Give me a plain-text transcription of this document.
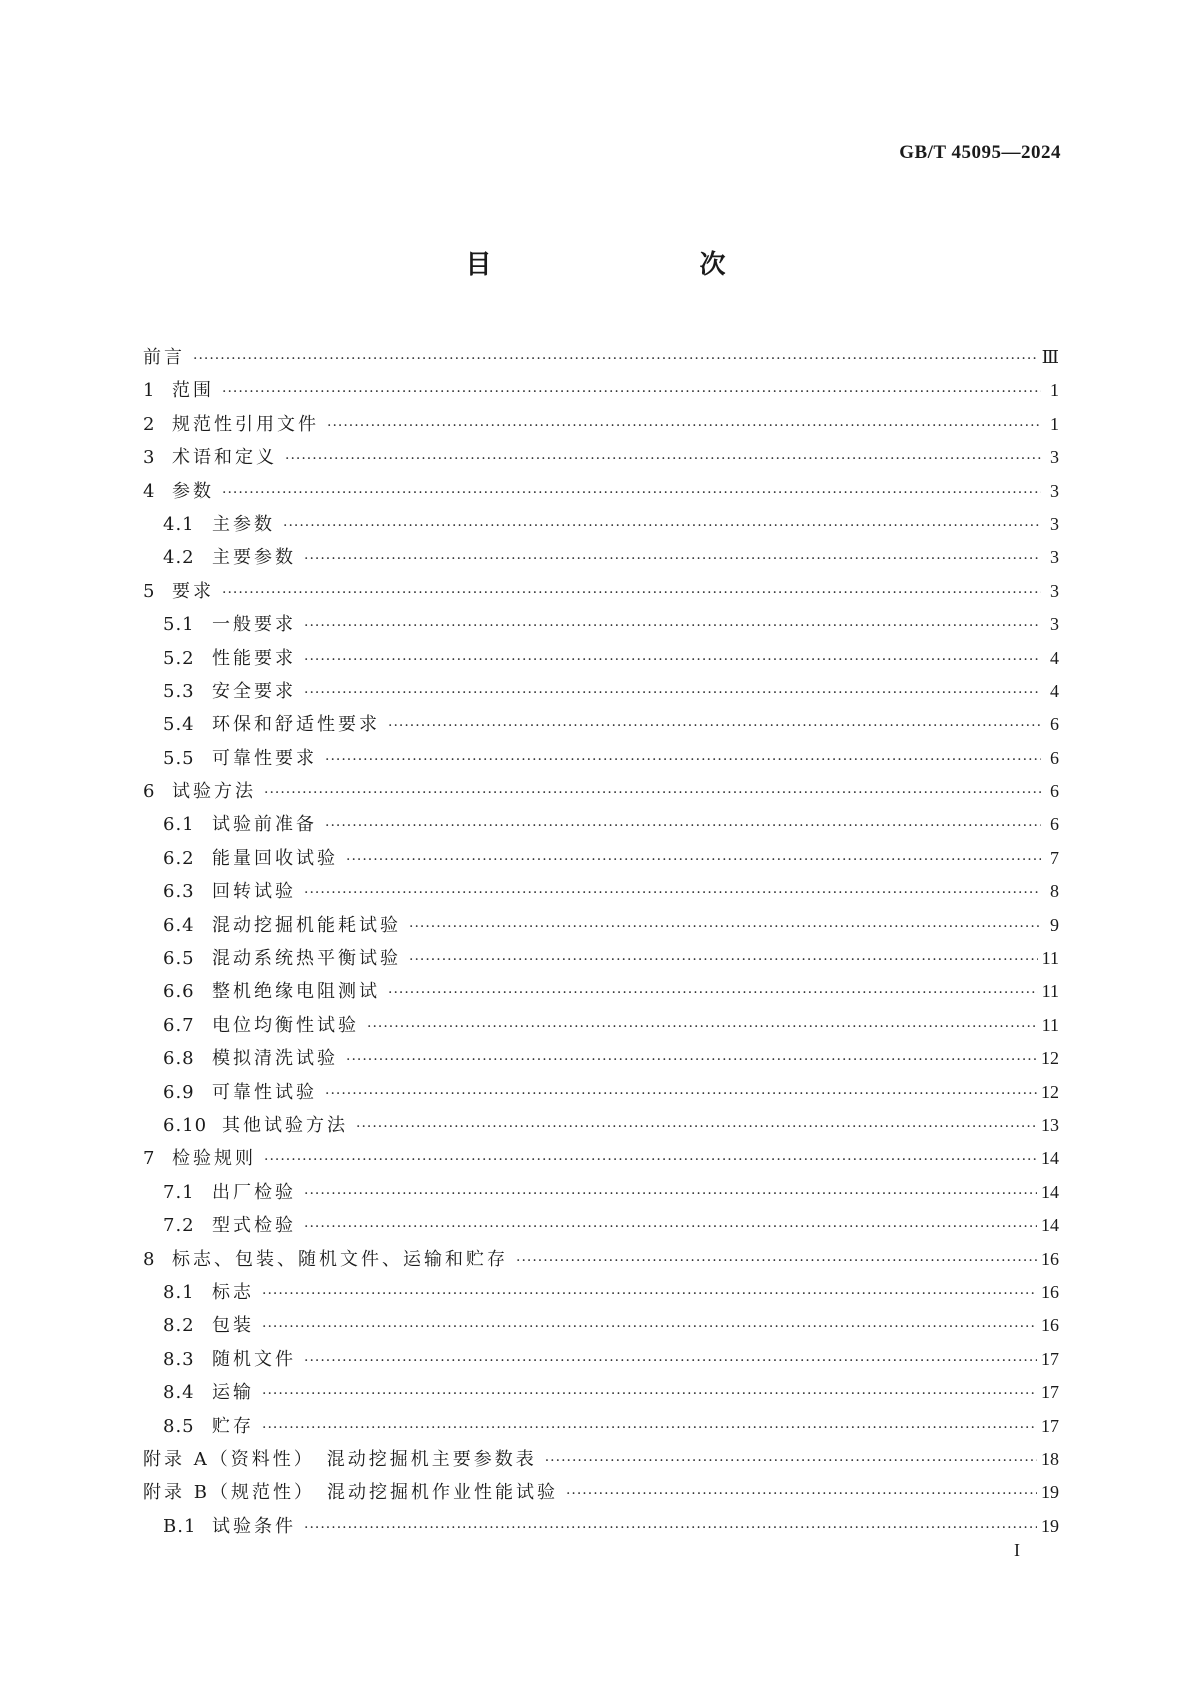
GB/T 45095—2024
目　　次
前言 ·····	Ⅲ
1 范围 ·····	1
2 规范性引用文件 ·····	1
3 术语和定义 ·····	3
4 参数 ·····	3
4.1 主参数 ·····	3
4.2 主要参数 ·····	3
5 要求 ·····	3
5.1 一般要求 ·····	3
5.2 性能要求 ·····	4
5.3 安全要求 ·····	4
5.4 环保和舒适性要求 ·····	6
5.5 可靠性要求 ·····	6
6 试验方法 ·····	6
6.1 试验前准备 ·····	6
6.2 能量回收试验 ·····	7
6.3 回转试验 ·····	8
6.4 混动挖掘机能耗试验 ·····	9
6.5 混动系统热平衡试验 ·····	11
6.6 整机绝缘电阻测试 ·····	11
6.7 电位均衡性试验 ·····	11
6.8 模拟清洗试验 ·····	12
6.9 可靠性试验 ·····	12
6.10 其他试验方法 ·····	13
7 检验规则 ·····	14
7.1 出厂检验 ·····	14
7.2 型式检验 ·····	14
8 标志、包装、随机文件、运输和贮存 ·····	16
8.1 标志 ·····	16
8.2 包装 ·····	16
8.3 随机文件 ·····	17
8.4 运输 ·····	17
8.5 贮存 ·····	17
附录 A（资料性）　混动挖掘机主要参数表 ·····	18
附录 B（规范性）　混动挖掘机作业性能试验 ·····	19
B.1 试验条件 ·····	19
I
